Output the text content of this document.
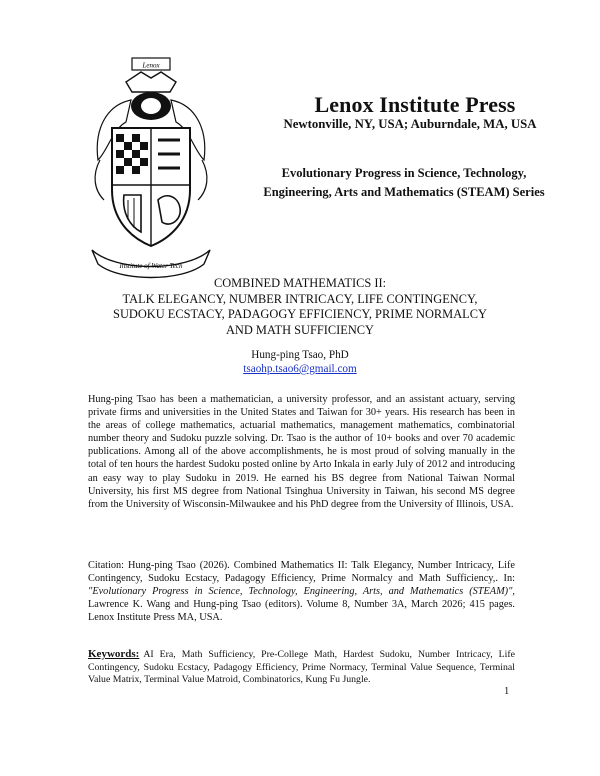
Lenox
Institute of Water Tech
Lenox Institute Press
Newtonville, NY, USA; Auburndale, MA, USA
Evolutionary Progress in Science, Technology,
Engineering, Arts and Mathematics (STEAM) Series
COMBINED MATHEMATICS II:
TALK ELEGANCY, NUMBER INTRICACY, LIFE CONTINGENCY,
SUDOKU ECSTACY, PADAGOGY EFFICIENCY, PRIME NORMALCY
AND MATH SUFFICIENCY
Hung-ping Tsao, PhD
tsaohp.tsao6@gmail.com
Hung-ping Tsao has been a mathematician, a university professor, and an assistant actuary, serving private firms and universities in the United States and Taiwan for 30+ years. His research has been in the areas of college mathematics, actuarial mathematics, management mathematics, combinatorial number theory and Sudoku puzzle solving. Dr. Tsao is the author of 10+ books and over 70 academic publications. Among all of the above accomplishments, he is most proud of solving manually in the total of ten hours the hardest Sudoku posted online by Arto Inkala in early July of 2012 and introducing an easy way to play Sudoku in 2019. He earned his BS degree from National Taiwan Normal University, his first MS degree from National Tsinghua University in Taiwan, his second MS degree from the University of Wisconsin-Milwaukee and his PhD degree from the University of Illinois, USA.
Citation: Hung-ping Tsao (2026). Combined Mathematics II: Talk Elegancy, Number Intricacy, Life Contingency, Sudoku Ecstacy, Padagogy Efficiency, Prime Normalcy and Math Sufficiency,. In: "Evolutionary Progress in Science, Technology, Engineering, Arts, and Mathematics (STEAM)", Lawrence K. Wang and Hung-ping Tsao (editors). Volume 8, Number 3A, March 2026; 415 pages. Lenox Institute Press MA, USA.
Keywords: AI Era, Math Sufficiency, Pre-College Math, Hardest Sudoku, Number Intricacy, Life Contingency, Sudoku Ecstacy, Padagogy Efficiency, Prime Normacy, Terminal Value Sequence, Terminal Value Matrix, Terminal Value Matroid, Combinatorics, Kung Fu Jungle.
1
